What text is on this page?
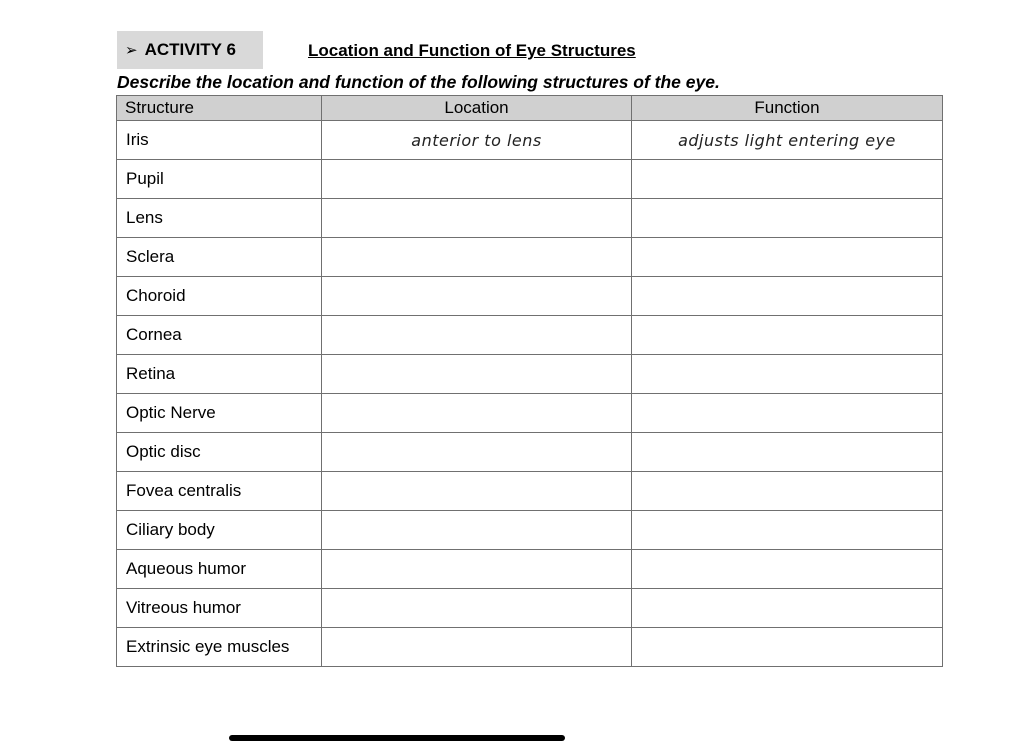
➢ ACTIVITY 6	Location and Function of Eye Structures
Describe the location and function of the following structures of the eye.
Structure	Location	Function
Iris	anterior to lens	adjusts light entering eye
Pupil		
Lens		
Sclera		
Choroid		
Cornea		
Retina		
Optic Nerve		
Optic disc		
Fovea centralis		
Ciliary body		
Aqueous humor		
Vitreous humor		
Extrinsic eye muscles		
